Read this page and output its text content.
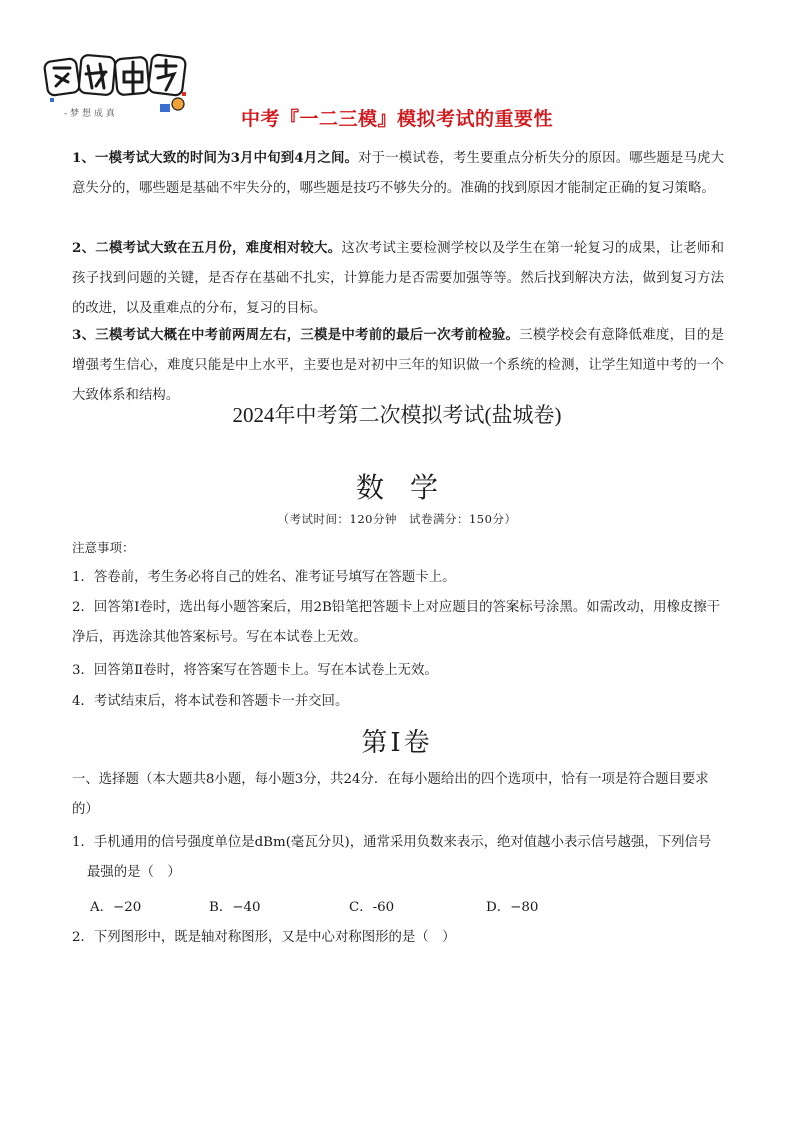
- 梦 想 成 真	中考『一二三模』模拟考试的重要性
1、一模考试大致的时间为3月中旬到4月之间。对于一模试卷，考生要重点分析失分的原因。哪些题是马虎大意失分的，哪些题是基础不牢失分的，哪些题是技巧不够失分的。准确的找到原因才能制定正确的复习策略。
2、二模考试大致在五月份，难度相对较大。这次考试主要检测学校以及学生在第一轮复习的成果，让老师和孩子找到问题的关键，是否存在基础不扎实，计算能力是否需要加强等等。然后找到解决方法，做到复习方法的改进，以及重难点的分布，复习的目标。
3、三模考试大概在中考前两周左右，三模是中考前的最后一次考前检验。三模学校会有意降低难度，目的是增强考生信心，难度只能是中上水平，主要也是对初中三年的知识做一个系统的检测，让学生知道中考的一个大致体系和结构。
2024年中考第二次模拟考试(盐城卷)
数学
（考试时间：120分钟　试卷满分：150分）
注意事项：
1．答卷前，考生务必将自己的姓名、准考证号填写在答题卡上。
2．回答第Ⅰ卷时，选出每小题答案后，用2B铅笔把答题卡上对应题目的答案标号涂黑。如需改动，用橡皮擦干净后，再选涂其他答案标号。写在本试卷上无效。
3．回答第Ⅱ卷时，将答案写在答题卡上。写在本试卷上无效。
4．考试结束后，将本试卷和答题卡一并交回。
第Ⅰ卷
一、选择题（本大题共8小题，每小题3分，共24分．在每小题给出的四个选项中，恰有一项是符合题目要求的）
1．手机通用的信号强度单位是dBm(毫瓦分贝)，通常采用负数来表示，绝对值越小表示信号越强，下列信号最强的是（　）
A．−20	B．−40	C．-60	D．−80
2．下列图形中，既是轴对称图形，又是中心对称图形的是（　）
